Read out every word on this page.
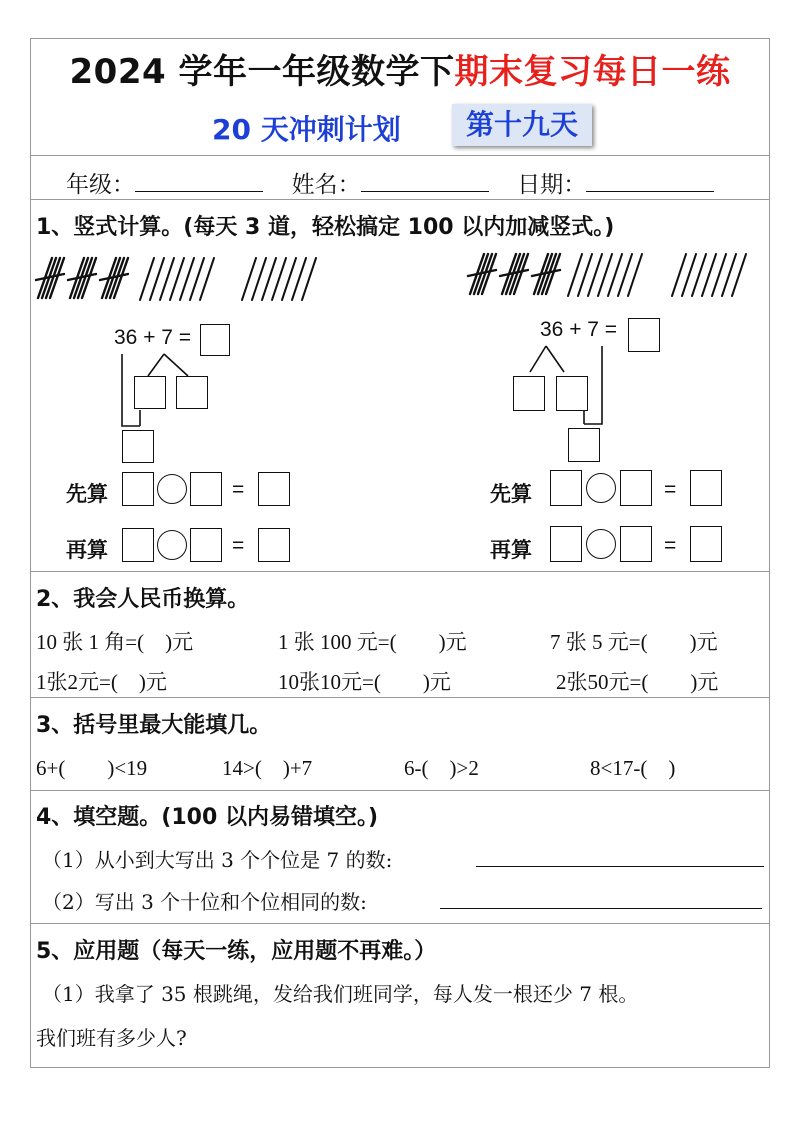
2024 学年一年级数学下期末复习每日一练
20 天冲刺计划	第十九天
年级：	姓名：	日期：
1、竖式计算。(每天 3 道，轻松搞定 100 以内加减竖式。)
36 + 7 =
先算	=
再算	=
36 + 7 =
先算	=
再算	=
2、我会人民币换算。
10 张 1 角=(　)元	1 张 100 元=(　　)元	7 张 5 元=(　　)元
1张2元=(　)元	10张10元=(　　)元	2张50元=(　　)元
3、括号里最大能填几。
6+(　　)<19	14>(　)+7	6-(　)>2	8<17-(　)
4、填空题。(100 以内易错填空。)
（1）从小到大写出 3 个个位是 7 的数:
（2）写出 3 个十位和个位相同的数:
5、应用题（每天一练，应用题不再难。）
（1）我拿了 35 根跳绳，发给我们班同学，每人发一根还少 7 根。
我们班有多少人?
